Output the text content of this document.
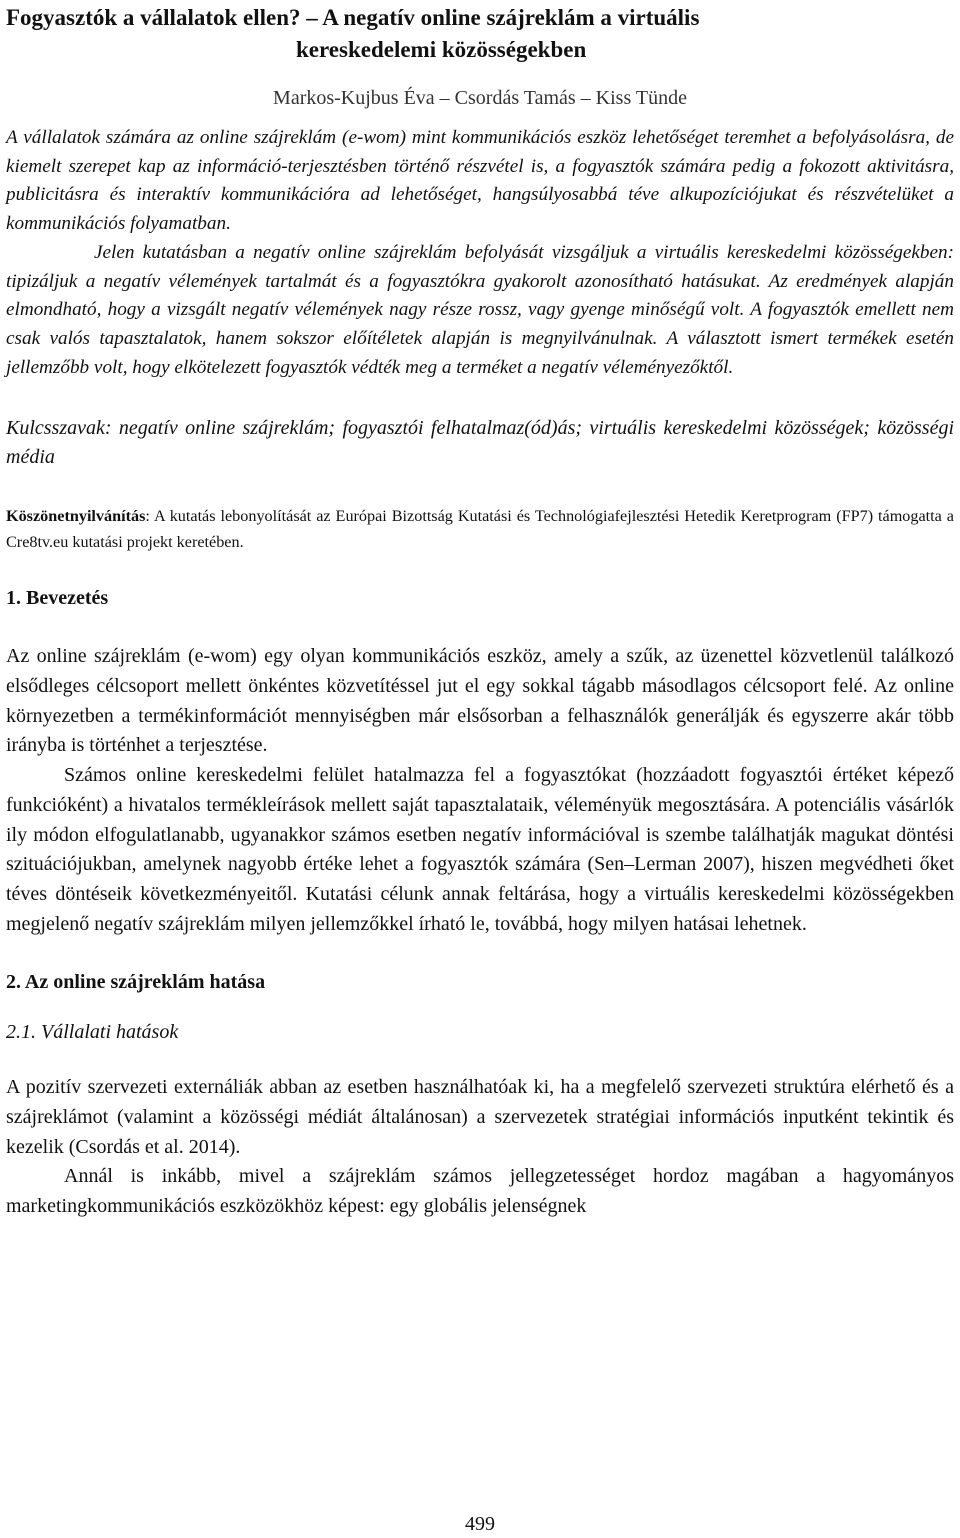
Fogyasztók a vállalatok ellen? – A negatív online szájreklám a virtuális
kereskedelemi közösségekben
Markos-Kujbus Éva – Csordás Tamás – Kiss Tünde

A vállalatok számára az online szájreklám (e-wom) mint kommunikációs eszköz lehetőséget teremhet a befolyásolásra, de kiemelt szerepet kap az információ-terjesztésben történő részvétel is, a fogyasztók számára pedig a fokozott aktivitásra, publicitásra és interaktív kommunikációra ad lehetőséget, hangsúlyosabbá téve alkupozíciójukat és részvételüket a kommunikációs folyamatban.

Jelen kutatásban a negatív online szájreklám befolyását vizsgáljuk a virtuális kereskedelmi közösségekben: tipizáljuk a negatív vélemények tartalmát és a fogyasztókra gyakorolt azonosítható hatásukat. Az eredmények alapján elmondható, hogy a vizsgált negatív vélemények nagy része rossz, vagy gyenge minőségű volt. A fogyasztók emellett nem csak valós tapasztalatok, hanem sokszor előítéletek alapján is megnyilvánulnak. A választott ismert termékek esetén jellemzőbb volt, hogy elkötelezett fogyasztók védték meg a terméket a negatív véleményezőktől.

Kulcsszavak: negatív online szájreklám; fogyasztói felhatalmaz(ód)ás; virtuális kereskedelmi közösségek; közösségi média
Köszönetnyilvánítás: A kutatás lebonyolítását az Európai Bizottság Kutatási és Technológiafejlesztési Hetedik Keretprogram (FP7) támogatta a Cre8tv.eu kutatási projekt keretében.
1. Bevezetés

Az online szájreklám (e-wom) egy olyan kommunikációs eszköz, amely a szűk, az üzenettel közvetlenül találkozó elsődleges célcsoport mellett önkéntes közvetítéssel jut el egy sokkal tágabb másodlagos célcsoport felé. Az online környezetben a termékinformációt mennyiségben már elsősorban a felhasználók generálják és egyszerre akár több irányba is történhet a terjesztése.

Számos online kereskedelmi felület hatalmazza fel a fogyasztókat (hozzáadott fogyasztói értéket képező funkcióként) a hivatalos termékleírások mellett saját tapasztalataik, véleményük megosztására. A potenciális vásárlók ily módon elfogulatlanabb, ugyanakkor számos esetben negatív információval is szembe találhatják magukat döntési szituációjukban, amelynek nagyobb értéke lehet a fogyasztók számára (Sen–Lerman 2007), hiszen megvédheti őket téves döntéseik következményeitől. Kutatási célunk annak feltárása, hogy a virtuális kereskedelmi közösségekben megjelenő negatív szájreklám milyen jellemzőkkel írható le, továbbá, hogy milyen hatásai lehetnek.

2. Az online szájreklám hatása
2.1. Vállalati hatások

A pozitív szervezeti externáliák abban az esetben használhatóak ki, ha a megfelelő szervezeti struktúra elérhető és a szájreklámot (valamint a közösségi médiát általánosan) a szervezetek stratégiai információs inputként tekintik és kezelik (Csordás et al. 2014).

Annál is inkább, mivel a szájreklám számos jellegzetességet hordoz magában a hagyományos marketingkommunikációs eszközökhöz képest: egy globális jelenségnek

499
